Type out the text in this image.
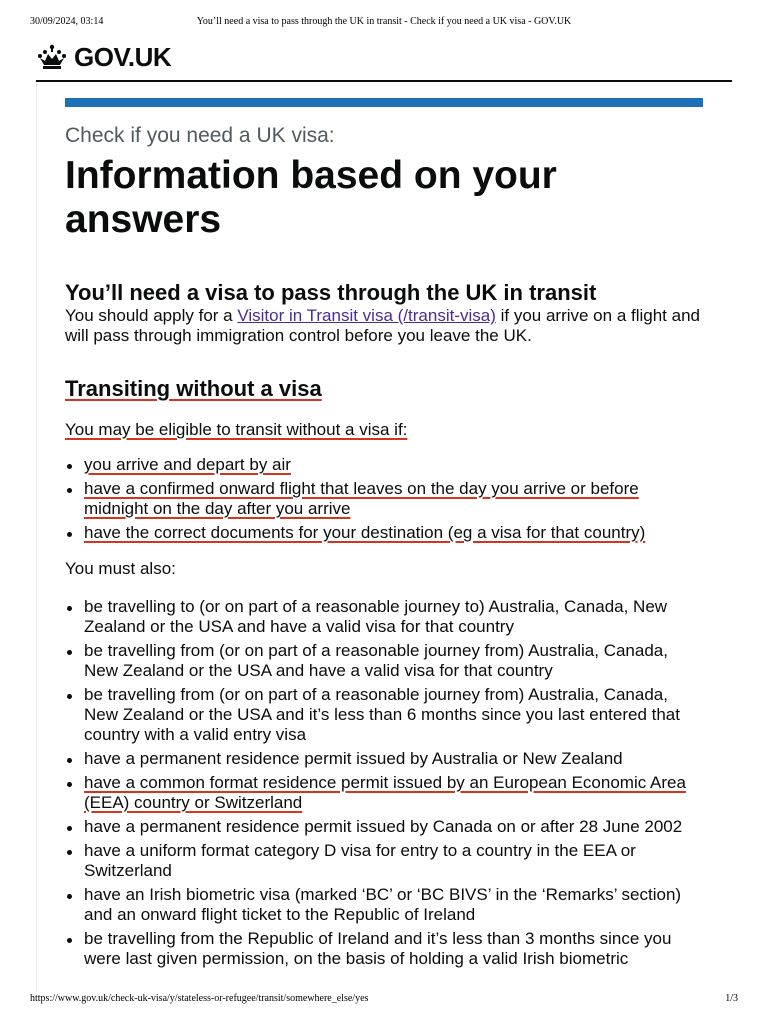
30/09/2024, 03:14	You’ll need a visa to pass through the UK in transit - Check if you need a UK visa - GOV.UK
GOV.UK

Check if you need a UK visa:

Information based on your answers
You’ll need a visa to pass through the UK in transit

You should apply for a Visitor in Transit visa (/transit-visa) if you arrive on a flight and will pass through immigration control before you leave the UK.

Transiting without a visa

You may be eligible to transit without a visa if:

you arrive and depart by air
have a confirmed onward flight that leaves on the day you arrive or before midnight on the day after you arrive
have the correct documents for your destination (eg a visa for that country)

You must also:

be travelling to (or on part of a reasonable journey to) Australia, Canada, New Zealand or the USA and have a valid visa for that country
be travelling from (or on part of a reasonable journey from) Australia, Canada, New Zealand or the USA and have a valid visa for that country
be travelling from (or on part of a reasonable journey from) Australia, Canada, New Zealand or the USA and it’s less than 6 months since you last entered that country with a valid entry visa
have a permanent residence permit issued by Australia or New Zealand
have a common format residence permit issued by an European Economic Area (EEA) country or Switzerland
have a permanent residence permit issued by Canada on or after 28 June 2002
have a uniform format category D visa for entry to a country in the EEA or Switzerland
have an Irish biometric visa (marked ‘BC’ or ‘BC BIVS’ in the ‘Remarks’ section) and an onward flight ticket to the Republic of Ireland
be travelling from the Republic of Ireland and it’s less than 3 months since you were last given permission, on the basis of holding a valid Irish biometric
https://www.gov.uk/check-uk-visa/y/stateless-or-refugee/transit/somewhere_else/yes	1/3
